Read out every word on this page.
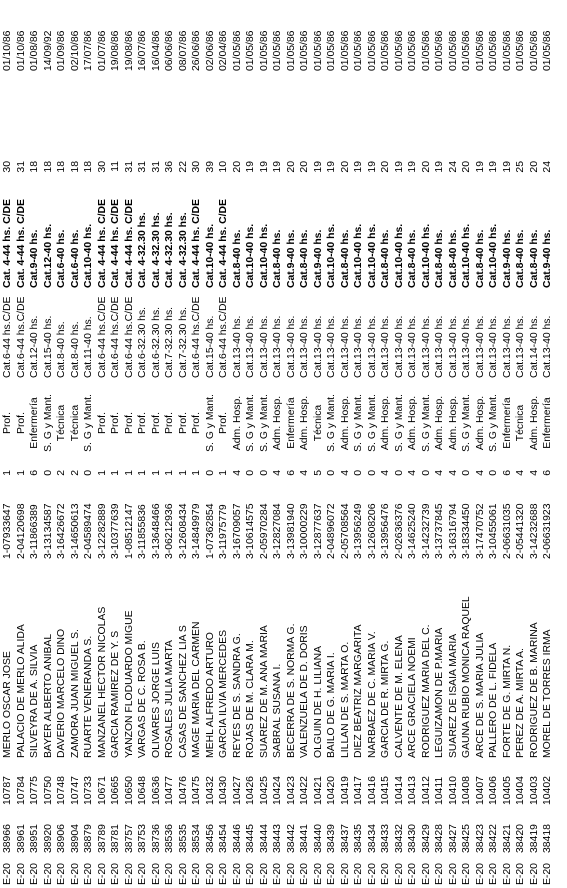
E-20
38418
10402
MOREL DE TORRES IRMA
2-06631923
6
Enfermería
Cat.13-40 hs.
Cat.9-40 hs.
24
01/05/86
E-20
38419
10403
RODRIGUEZ DE B. MARINA
3-14232688
4
Adm. Hosp.
Cat.14-40 hs.
Cat.8-40 hs.
20
01/05/86
E-20
38420
10404
PEREZ DE A. MIRTA A.
2-05441320
4
Técnica
Cat.13-40 hs.
Cat.8-40 hs.
25
01/05/86
E-20
38421
10405
FORTE DE G. MIRTA N.
2-06631035
6
Enfermería
Cat.13-40 hs.
Cat.9-40 hs.
19
01/05/86
E-20
38422
10406
PALLERO DE L. FIDELA
3-10455061
0
S. G y Mant.
Cat.13-40 hs.
Cat.10-40 hs.
19
01/05/86
E-20
38423
10407
ARCE DE S. MARIA JULIA
3-17470752
4
Adm. Hosp.
Cat.13-40 hs.
Cat.8-40 hs.
19
01/05/86
E-20
38425
10408
GAUNA RUBIO MONICA RAQUEL
3-18334450
0
S. G y Mant.
Cat.13-40 hs.
Cat.10-40 hs.
20
01/05/86
E-20
38427
10410
SUAREZ DE ISAIA MARIA
3-16316794
4
Adm. Hosp.
Cat.13-40 hs.
Cat.8-40 hs.
24
01/05/86
E-20
38428
10411
LEGUIZAMON DE P.MARIA
3-13737845
4
Adm. Hosp.
Cat.13-40 hs.
Cat.8-40 hs.
19
01/05/86
E-20
38429
10412
RODRIGUEZ MARIA DEL C.
3-14232739
0
S. G y Mant.
Cat.13-40 hs.
Cat.10-40 hs.
20
01/05/86
E-20
38430
10413
ARCE GRACIELA NOEMI
3-14625240
4
Adm. Hosp.
Cat.13-40 hs.
Cat.8-40 hs.
19
01/05/86
E-20
38432
10414
CALVENTE DE M. ELENA
2-02636376
0
S. G y Mant.
Cat.13-40 hs.
Cat.10-40 hs.
19
01/05/86
E-20
38433
10415
GARCIA DE R. MIRTA G.
3-13956476
4
Adm. Hosp.
Cat.13-40 hs.
Cat.8-40 hs.
20
01/05/86
E-20
38434
10416
NARBAEZ DE C. MARIA V.
3-12608206
0
S. G y Mant.
Cat.13-40 hs.
Cat.10-40 hs.
19
01/05/86
E-20
38435
10417
DIEZ BEATRIZ MARGARITA
3-13956249
0
S. G y Mant.
Cat.13-40 hs.
Cat.10-40 hs.
19
01/05/86
E-20
38437
10419
LILLAN DE S. MARTA O.
2-05708564
4
Adm. Hosp.
Cat.13-40 hs.
Cat.8-40 hs.
20
01/05/86
E-20
38439
10420
BAILO DE G. MARIA I.
2-04896072
0
S. G y Mant.
Cat.13-40 hs.
Cat.10-40 hs.
19
01/05/86
E-20
38440
10421
OLGUIN DE H. LILIANA
3-12877637
5
Técnica
Cat.13-40 hs.
Cat.9-40 hs.
19
01/05/86
E-20
38441
10422
VALENZUELA DE D. DORIS
3-10000229
4
Adm. Hosp.
Cat.13-40 hs.
Cat.8-40 hs.
20
01/05/86
E-20
38442
10423
BECERRA DE S. NORMA G.
3-13981940
6
Enfermería
Cat.13-40 hs.
Cat.9-40 hs.
20
01/05/86
E-20
38443
10424
SABRAL SUSANA I.
3-12827084
4
Adm. Hosp.
Cat.13-40 hs.
Cat.8-40 hs.
19
01/05/86
E-20
38444
10425
SUAREZ DE M. ANA MARIA
2-05970284
0
S. G y Mant.
Cat.13-40 hs.
Cat.10-40 hs.
19
01/05/86
E-20
38445
10426
ROJAS DE M. CLARA M.
3-10614575
0
S. G y Mant.
Cat.13-40 hs.
Cat.10-40 hs.
19
01/05/86
E-20
38446
10427
REYES DE S. SANDRA G.
3-16709057
4
Adm. Hosp.
Cat.13-40 hs.
Cat.8-40 hs.
20
01/05/86
E-20
38454
10430
GARCIA ILVIA MERCEDES
3-11975779
1
Prof.
Cat.6-44 hs.C/DE
Cat. 4-44 hs. C/DE
10
02/04/86
E-20
38456
10432
MEHL ALFREDO ARTURO
1-07362854
0
S. G y Mant.
Cat.15-40 hs.
Cat.10-40 hs.
39
02/06/86
E-20
38534
10475
MAGE MARIA DEL CARMEN
3-14849979
1
Prof.
Cat.6-44 hs.C/DE
Cat. 4-44 hs. C/DE
30
26/06/86
E-20
38535
10476
CASAS DE SANCHEZ LIA S
3-12608434
1
Prof.
Cat.7-32.30 hs.
Cat. 4-32.30 hs.
22
08/07/86
E-20
38536
10477
ROSALES JULIA MARTA
3-06212936
1
Prof.
Cat.7-32.30 hs.
Cat. 4-32.30 hs.
36
06/06/86
E-20
38736
10636
OLIVARES JORGE LUIS
3-13648466
1
Prof.
Cat.6-32.30 hs.
Cat. 4-32.30 hs.
31
16/04/86
E-20
38753
10648
VARGAS DE C. ROSA B.
3-11855836
1
Prof.
Cat.6-32.30 hs.
Cat. 4-32.30 hs.
31
16/07/86
E-20
38757
10650
YANZON FLODUARDO MIGUE
1-08512147
1
Prof.
Cat.6-44 hs.C/DE
Cat. 4-44 hs. C/DE
31
19/08/86
E-20
38781
10665
GARCIA RAMIREZ DE Y. S
3-10377639
1
Prof.
Cat.6-44 hs.C/DE
Cat. 4-44 hs. C/DE
11
19/08/86
E-20
38789
10671
MANZANEL HECTOR NICOLAS
3-12282889
1
Prof.
Cat.6-44 hs.C/DE
Cat. 4-44 hs. C/DE
30
01/07/86
E-20
38879
10733
RUARTE VENERANDA S.
2-04589474
0
S. G y Mant.
Cat.11-40 hs.
Cat.10-40 hs.
18
17/07/86
E-20
38904
10747
ZAMORA JUAN MIGUEL S.
3-14650613
2
Técnica
Cat.8-40 hs.
Cat.6-40 hs.
18
02/10/86
E-20
38906
10748
DAVERIO MARCELO DINO
3-16426672
2
Técnica
Cat.8-40 hs.
Cat.6-40 hs.
18
01/09/86
E-20
38920
10750
BAYER ALBERTO ANIBAL
3-13134587
0
S. G y Mant.
Cat.15-40 hs.
Cat.12-40 hs.
18
14/09/92
E-20
38951
10775
SILVEYRA DE A. SILVIA
3-11866389
6
Enfermería
Cat.12-40 hs.
Cat.9-40 hs.
18
01/08/86
E-20
38961
10784
PALACIO DE MERLO ALIDA
2-04120698
1
Prof.
Cat.6-44 hs.C/DE
Cat. 4-44 hs. C/DE
31
01/10/86
E-20
38966
10787
MERLO OSCAR JOSE
1-07933647
1
Prof.
Cat.6-44 hs.C/DE
Cat. 4-44 hs. C/DE
30
01/10/86
